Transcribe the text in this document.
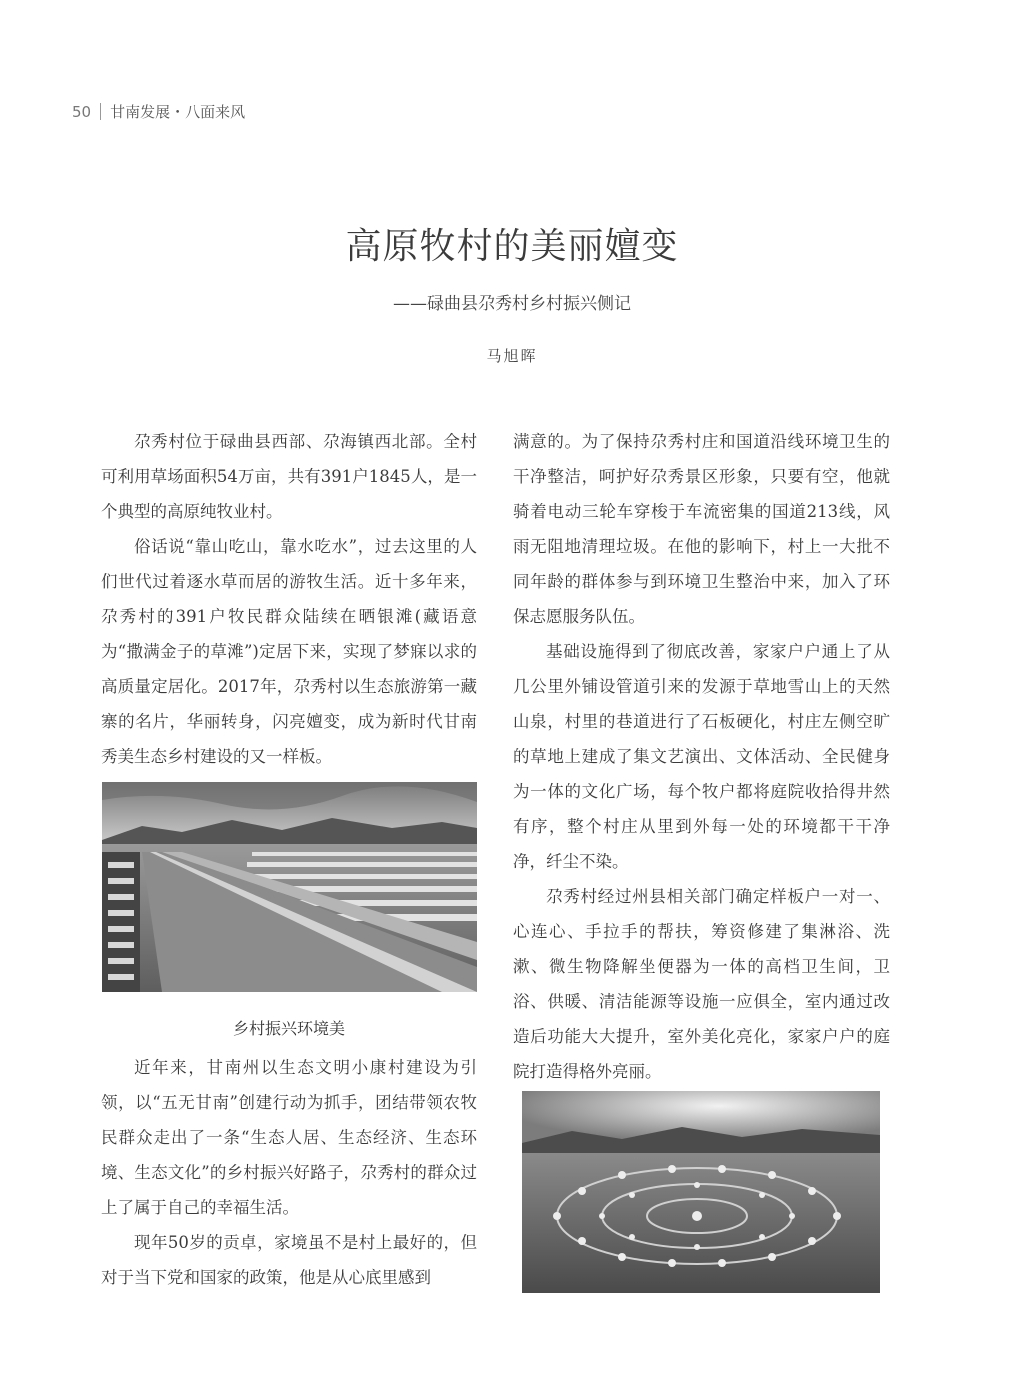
50 甘南发展・八面来风
高原牧村的美丽嬗变
——碌曲县尕秀村乡村振兴侧记
马旭晖

尕秀村位于碌曲县西部、尕海镇西北部。全村可利用草场面积54万亩，共有391户1845人，是一个典型的高原纯牧业村。

俗话说“靠山吃山，靠水吃水”，过去这里的人们世代过着逐水草而居的游牧生活。近十多年来，尕秀村的391户牧民群众陆续在晒银滩(藏语意为“撒满金子的草滩”)定居下来，实现了梦寐以求的高质量定居化。2017年，尕秀村以生态旅游第一藏寨的名片，华丽转身，闪亮嬗变，成为新时代甘南秀美生态乡村建设的又一样板。

乡村振兴环境美

近年来，甘南州以生态文明小康村建设为引领，以“五无甘南”创建行动为抓手，团结带领农牧民群众走出了一条“生态人居、生态经济、生态环境、生态文化”的乡村振兴好路子，尕秀村的群众过上了属于自己的幸福生活。

现年50岁的贡卓，家境虽不是村上最好的，但对于当下党和国家的政策，他是从心底里感到

满意的。为了保持尕秀村庄和国道沿线环境卫生的干净整洁，呵护好尕秀景区形象，只要有空，他就骑着电动三轮车穿梭于车流密集的国道213线，风雨无阻地清理垃圾。在他的影响下，村上一大批不同年龄的群体参与到环境卫生整治中来，加入了环保志愿服务队伍。

基础设施得到了彻底改善，家家户户通上了从几公里外铺设管道引来的发源于草地雪山上的天然山泉，村里的巷道进行了石板硬化，村庄左侧空旷的草地上建成了集文艺演出、文体活动、全民健身为一体的文化广场，每个牧户都将庭院收拾得井然有序，整个村庄从里到外每一处的环境都干干净净，纤尘不染。

尕秀村经过州县相关部门确定样板户一对一、心连心、手拉手的帮扶，筹资修建了集淋浴、洗漱、微生物降解坐便器为一体的高档卫生间，卫浴、供暖、清洁能源等设施一应俱全，室内通过改造后功能大大提升，室外美化亮化，家家户户的庭院打造得格外亮丽。
